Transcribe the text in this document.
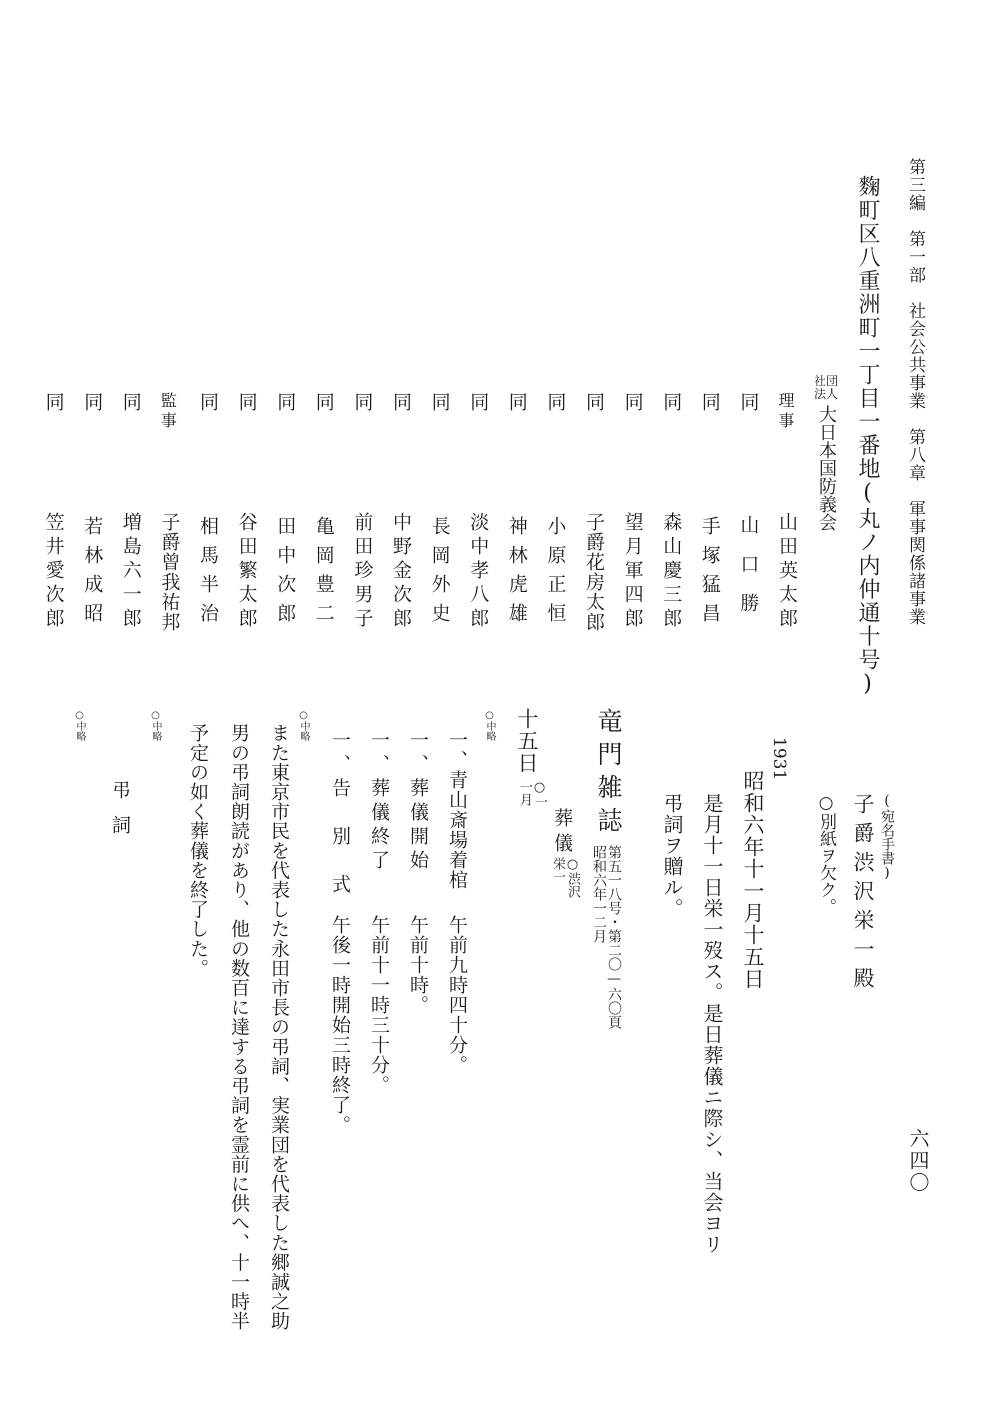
第三編　第一部　社会公共事業　第八章　軍事関係諸事業
六四〇
麴町区八重洲町一丁目一番地(丸ノ内仲通十号)
社団
法人
大日本国防義会
理事
山田英太郎
同
山口勝
同
手塚猛昌
同
森山慶三郎
同
望月軍四郎
同
子爵花房太郎
同
小原正恒
同
神林虎雄
同
淡中孝八郎
同
長岡外史
同
中野金次郎
同
前田珍男子
同
亀岡豊二
同
田中次郎
同
谷田繁太郎
同
相馬半治
監事
子爵曾我祐邦
同
増島六一郎
同
若林成昭
同
笠井愛次郎
(宛名手書)
子爵渋沢栄一殿
○別紙ヲ欠ク。
1931
昭和六年十一月十五日
是月十一日栄一歿ス。是日葬儀ニ際シ、当会ヨリ
弔詞ヲ贈ル。
竜門雑誌
第五一八号・第二〇—六〇頁
昭和六年一二月
葬儀
○渋沢
栄一
十五日
○一
一月
○中略
一、青山斎場着棺
午前九時四十分。
一、葬儀開始
午前十時。
一、葬儀終了
午前十一時三十分。
一、告　別　式
午後一時開始三時終了。
○中略
また東京市民を代表した永田市長の弔詞、実業団を代表した郷誠之助
男の弔詞朗読があり、他の数百に達する弔詞を霊前に供へ、十一時半
予定の如く葬儀を終了した。
○中略
弔詞
○中略
